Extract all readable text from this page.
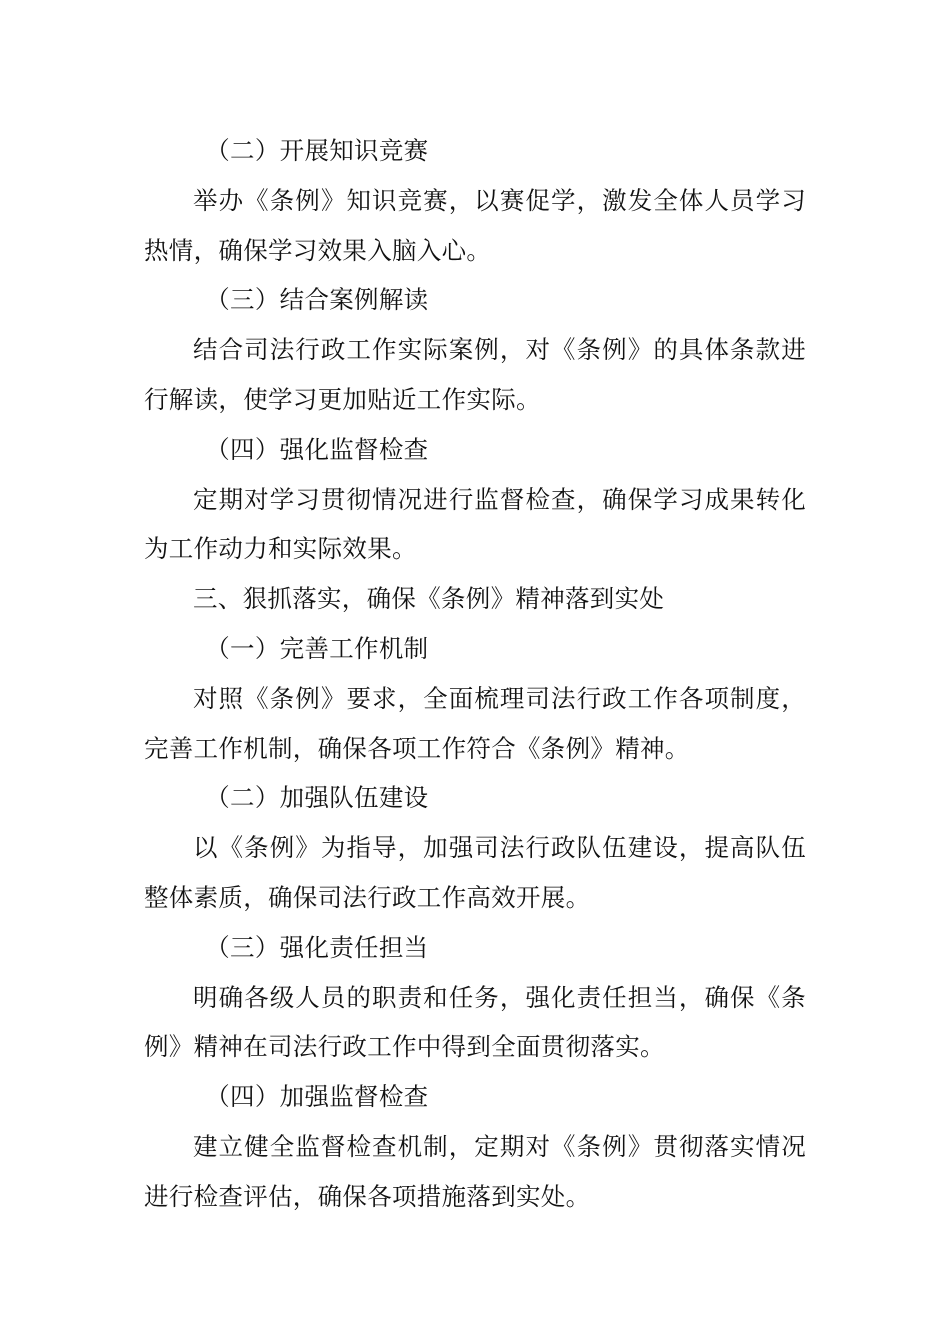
（二）开展知识竞赛

举办《条例》知识竞赛，以赛促学，激发全体人员学习热情，确保学习效果入脑入心。

（三）结合案例解读

结合司法行政工作实际案例，对《条例》的具体条款进行解读，使学习更加贴近工作实际。

（四）强化监督检查

定期对学习贯彻情况进行监督检查，确保学习成果转化为工作动力和实际效果。

三、狠抓落实，确保《条例》精神落到实处

（一）完善工作机制

对照《条例》要求，全面梳理司法行政工作各项制度，完善工作机制，确保各项工作符合《条例》精神。

（二）加强队伍建设

以《条例》为指导，加强司法行政队伍建设，提高队伍整体素质，确保司法行政工作高效开展。

（三）强化责任担当

明确各级人员的职责和任务，强化责任担当，确保《条例》精神在司法行政工作中得到全面贯彻落实。

（四）加强监督检查

建立健全监督检查机制，定期对《条例》贯彻落实情况进行检查评估，确保各项措施落到实处。
